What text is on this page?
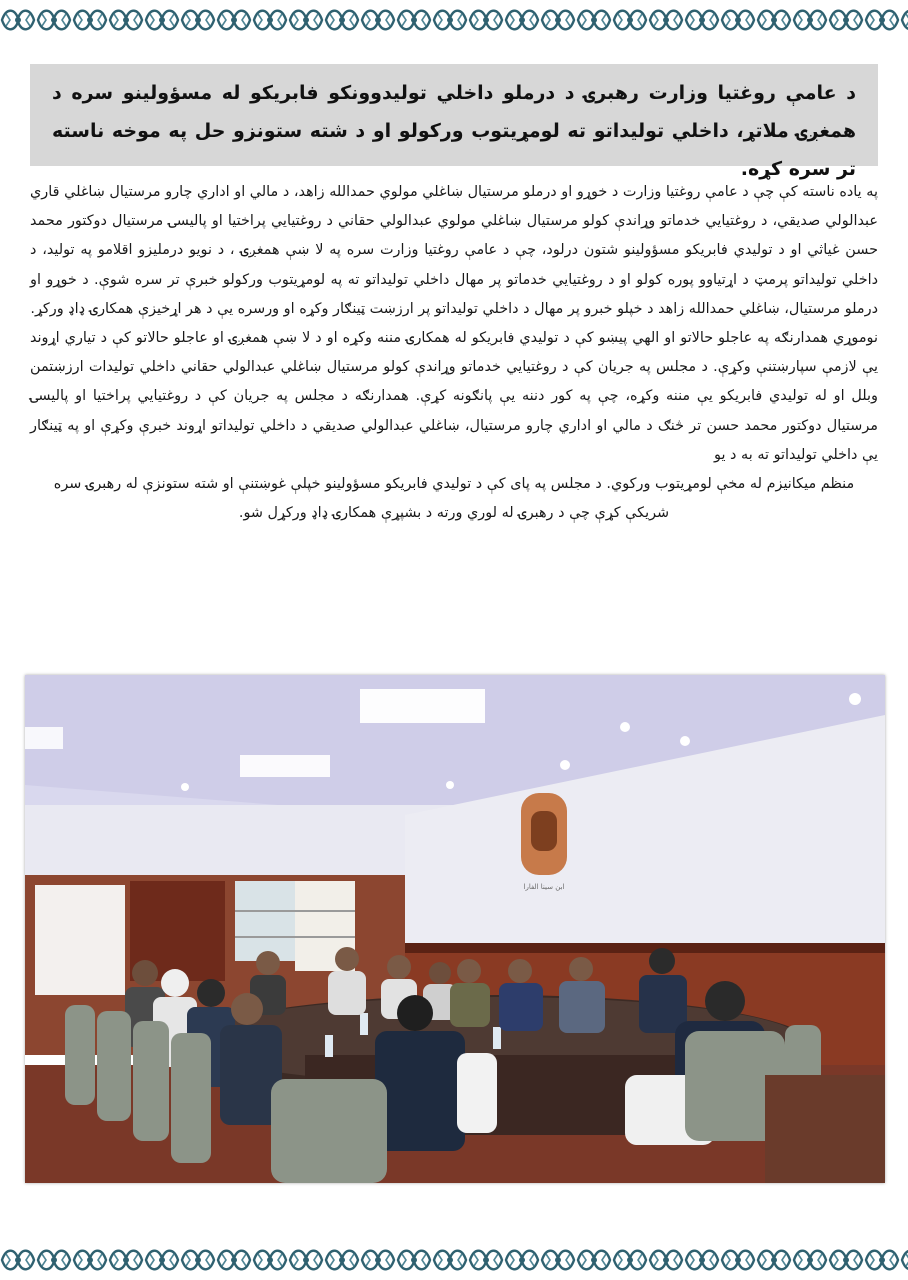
د عامې روغتيا وزارت رهبرۍ د درملو داخلي توليدوونکو فابريکو له مسؤولينو سره د همغږۍ ملاتړ، داخلي توليداتو ته لومړيتوب ورکولو او د شته ستونزو حل په موخه ناسته تر سره کړه.

په ياده ناسته کې چې د عامې روغتيا وزارت د خوړو او درملو مرستيال ښاغلي مولوي حمدالله زاهد، د مالي او اداري چارو مرستيال ښاغلي قاري عبدالولي صديقي، د روغتيايي خدماتو وړاندې کولو مرستيال ښاغلي مولوي عبدالولي حقاني د روغتيايي پراختيا او پاليسۍ مرستيال دوکتور محمد حسن غياثي او د توليدي فابريکو مسؤولينو شتون درلود، چې د عامې روغتيا وزارت سره په لا ښې همغږۍ ، د نويو درمليزو اقلامو په توليد، د داخلي توليداتو پرمټ د اړتياوو پوره کولو او د روغتيايي خدماتو پر مهال داخلي توليداتو ته په لومړيتوب ورکولو خبرې تر سره شوې. د خوړو او درملو مرستيال، ښاغلي حمدالله زاهد د خپلو خبرو پر مهال د داخلي توليداتو پر ارزښت ټينګار وکړه او ورسره يې د هر اړخيزې همکارۍ ډاډ ورکړ.

نوموړي همدارنګه په عاجلو حالاتو او الهي پيښو کې د توليدي فابريکو له همکارۍ مننه وکړه او د لا ښې همغږۍ او عاجلو حالاتو کې د تياري اړوند يې لازمې سپارښتنې وکړې. د مجلس په جريان کې د روغتيايي خدماتو وړاندې کولو مرستيال ښاغلي عبدالولي حقاني داخلي توليدات ارزښتمن وبلل او له توليدي فابريکو يې مننه وکړه، چې په کور دننه يې پانګونه کړې. همدارنګه د مجلس په جريان کې د روغتيايي پراختيا او پاليسۍ مرستيال دوکتور محمد حسن تر څنګ د مالي او اداري چارو مرستيال، ښاغلي عبدالولي صديقي د داخلي توليداتو اړوند خبرې وکړې او په ټينګار يې داخلي توليداتو ته به د يو

منظم ميکانيزم له مخې لومړيتوب ورکوي. د مجلس په پای کې د توليدي فابريکو مسؤولينو خپلې غوښتنې او شته ستونزې له رهبرۍ سره شريکې کړې چې د رهبرۍ له لوري ورته د بشپړې همکارۍ ډاډ ورکړل شو.

ابن سينا الفارا
